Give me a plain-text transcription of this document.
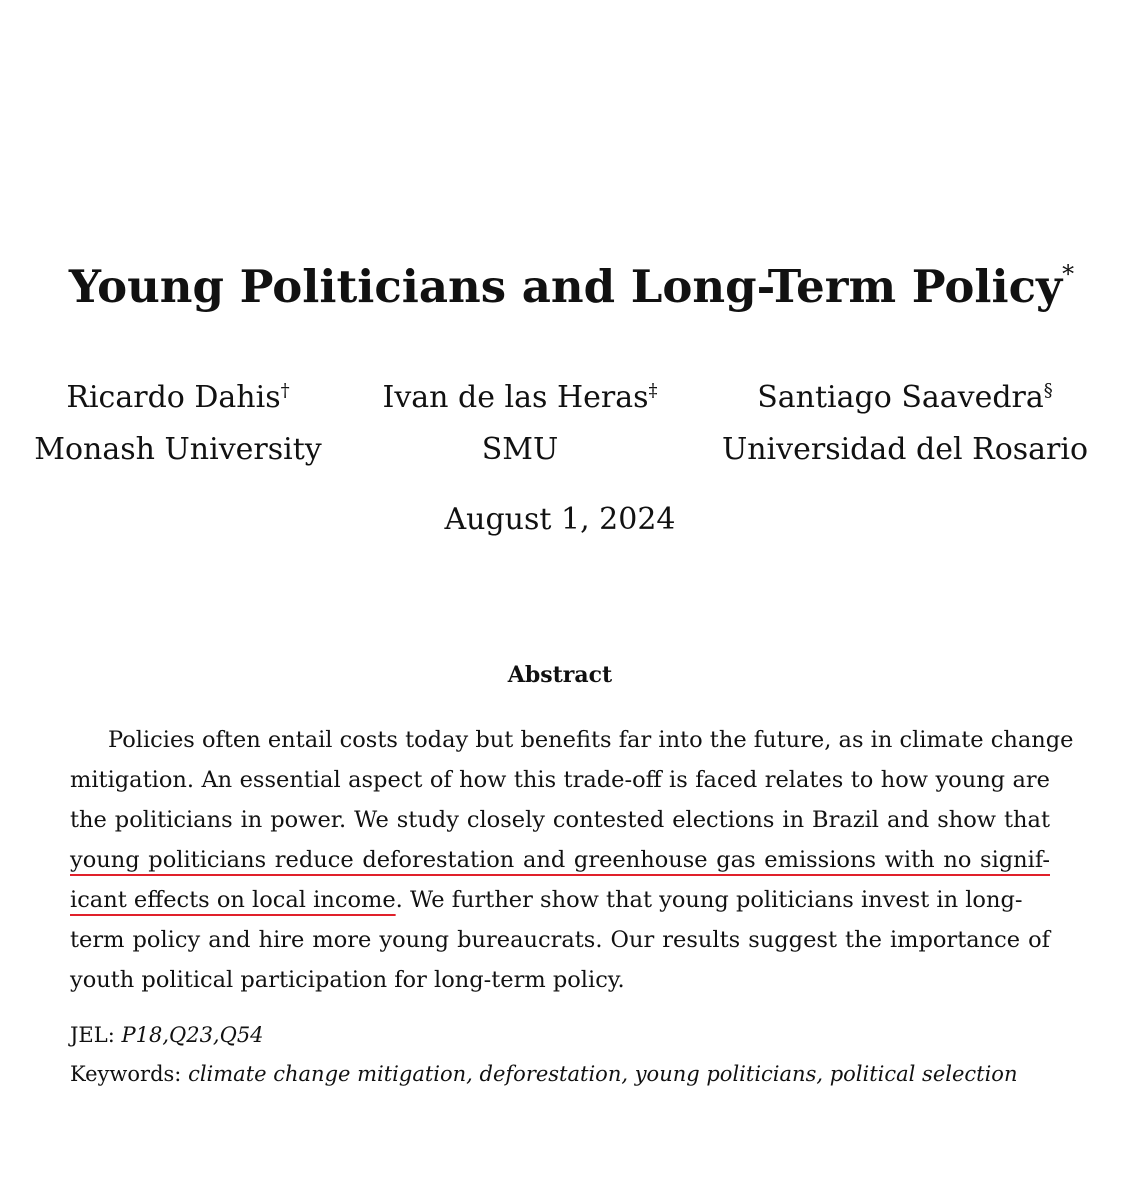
Young Politicians and Long-Term Policy*
Ricardo Dahis†
Monash University
Ivan de las Heras‡
SMU
Santiago Saavedra§
Universidad del Rosario
August 1, 2024
Abstract
Policies often entail costs today but benefits far into the future, as in climate change
mitigation. An essential aspect of how this trade-off is faced relates to how young are
the politicians in power. We study closely contested elections in Brazil and show that
young politicians reduce deforestation and greenhouse gas emissions with no signif-
icant effects on local income. We further show that young politicians invest in long-
term policy and hire more young bureaucrats. Our results suggest the importance of
youth political participation for long-term policy.
JEL: P18,Q23,Q54
Keywords: climate change mitigation, deforestation, young politicians, political selection
